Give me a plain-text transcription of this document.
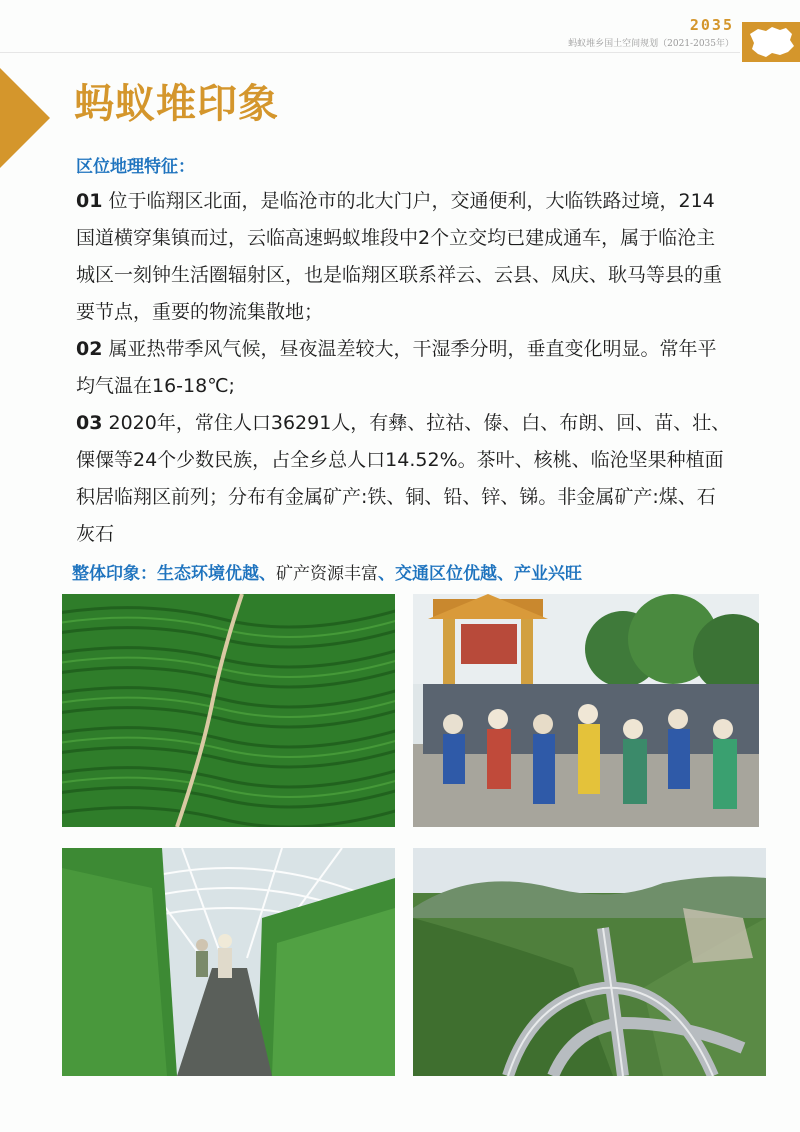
2035
蚂蚁堆乡国土空间规划（2021-2035年）
蚂蚁堆印象
区位地理特征：

01 位于临翔区北面，是临沧市的北大门户，交通便利，大临铁路过境，214国道横穿集镇而过，云临高速蚂蚁堆段中2个立交均已建成通车，属于临沧主城区一刻钟生活圈辐射区，也是临翔区联系祥云、云县、凤庆、耿马等县的重要节点，重要的物流集散地；

02 属亚热带季风气候，昼夜温差较大，干湿季分明，垂直变化明显。常年平均气温在16-18℃;

03 2020年，常住人口36291人，有彝、拉祜、傣、白、布朗、回、苗、壮、傈僳等24个少数民族，占全乡总人口14.52%。茶叶、核桃、临沧坚果种植面积居临翔区前列；分布有金属矿产:铁、铜、铅、锌、锑。非金属矿产:煤、石灰石

整体印象：生态环境优越、矿产资源丰富、交通区位优越、产业兴旺
